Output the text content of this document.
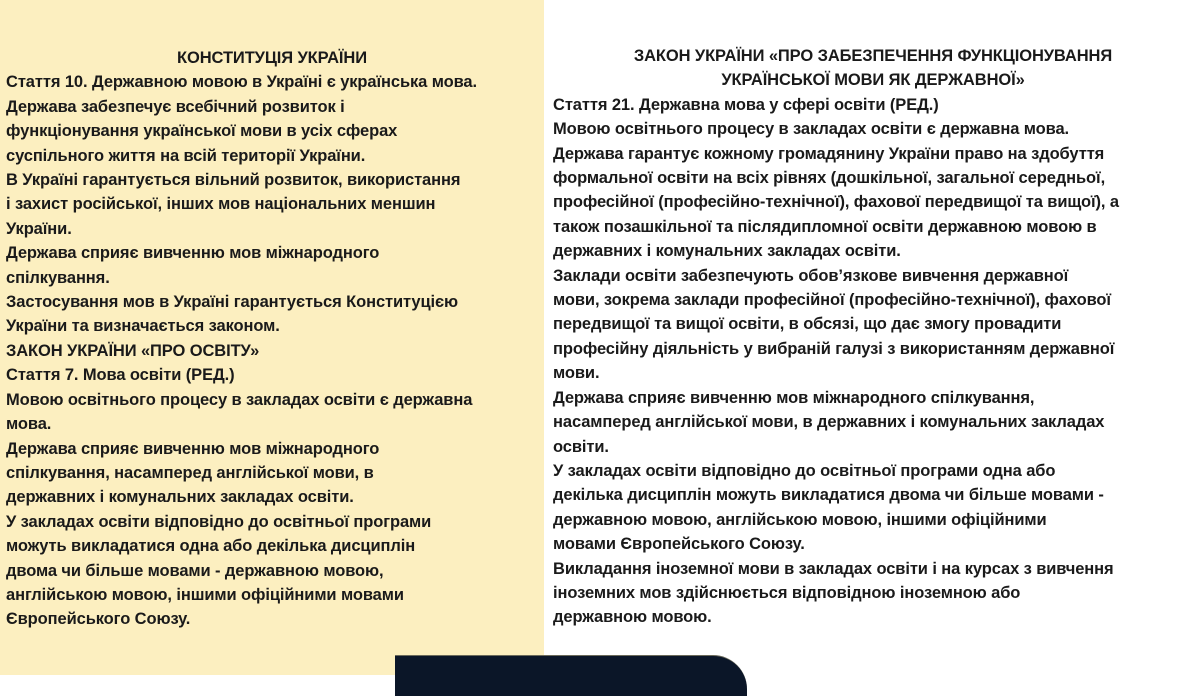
КОНСТИТУЦІЯ УКРАЇНИ
Стаття 10. Державною мовою в Україні є українська мова.
Держава забезпечує всебічний розвиток і
функціонування української мови в усіх сферах
суспільного життя на всій території України.
В Україні гарантується вільний розвиток, використання
і захист російської, інших мов національних меншин
України.
Держава сприяє вивченню мов міжнародного
спілкування.
Застосування мов в Україні гарантується Конституцією
України та визначається законом.
ЗАКОН УКРАЇНИ «ПРО ОСВІТУ»
Стаття 7. Мова освіти (РЕД.)
Мовою освітнього процесу в закладах освіти є державна
мова.
Держава сприяє вивченню мов міжнародного
спілкування, насамперед англійської мови, в
державних і комунальних закладах освіти.
У закладах освіти відповідно до освітньої програми
можуть викладатися одна або декілька дисциплін
двома чи більше мовами - державною мовою,
англійською мовою, іншими офіційними мовами
Європейського Союзу.
ЗАКОН УКРАЇНИ «ПРО ЗАБЕЗПЕЧЕННЯ ФУНКЦІОНУВАННЯ
УКРАЇНСЬКОЇ МОВИ ЯК ДЕРЖАВНОЇ»
Стаття 21. Державна мова у сфері освіти (РЕД.)
Мовою освітнього процесу в закладах освіти є державна мова.
Держава гарантує кожному громадянину України право на здобуття
формальної освіти на всіх рівнях (дошкільної, загальної середньої,
професійної (професійно-технічної), фахової передвищої та вищої), а
також позашкільної та післядипломної освіти державною мовою в
державних і комунальних закладах освіти.
Заклади освіти забезпечують обов’язкове вивчення державної
мови, зокрема заклади професійної (професійно-технічної), фахової
передвищої та вищої освіти, в обсязі, що дає змогу провадити
професійну діяльність у вибраній галузі з використанням державної
мови.
Держава сприяє вивченню мов міжнародного спілкування,
насамперед англійської мови, в державних і комунальних закладах
освіти.
У закладах освіти відповідно до освітньої програми одна або
декілька дисциплін можуть викладатися двома чи більше мовами -
державною мовою, англійською мовою, іншими офіційними
мовами Європейського Союзу.
Викладання іноземної мови в закладах освіти і на курсах з вивчення
іноземних мов здійснюється відповідною іноземною або
державною мовою.
